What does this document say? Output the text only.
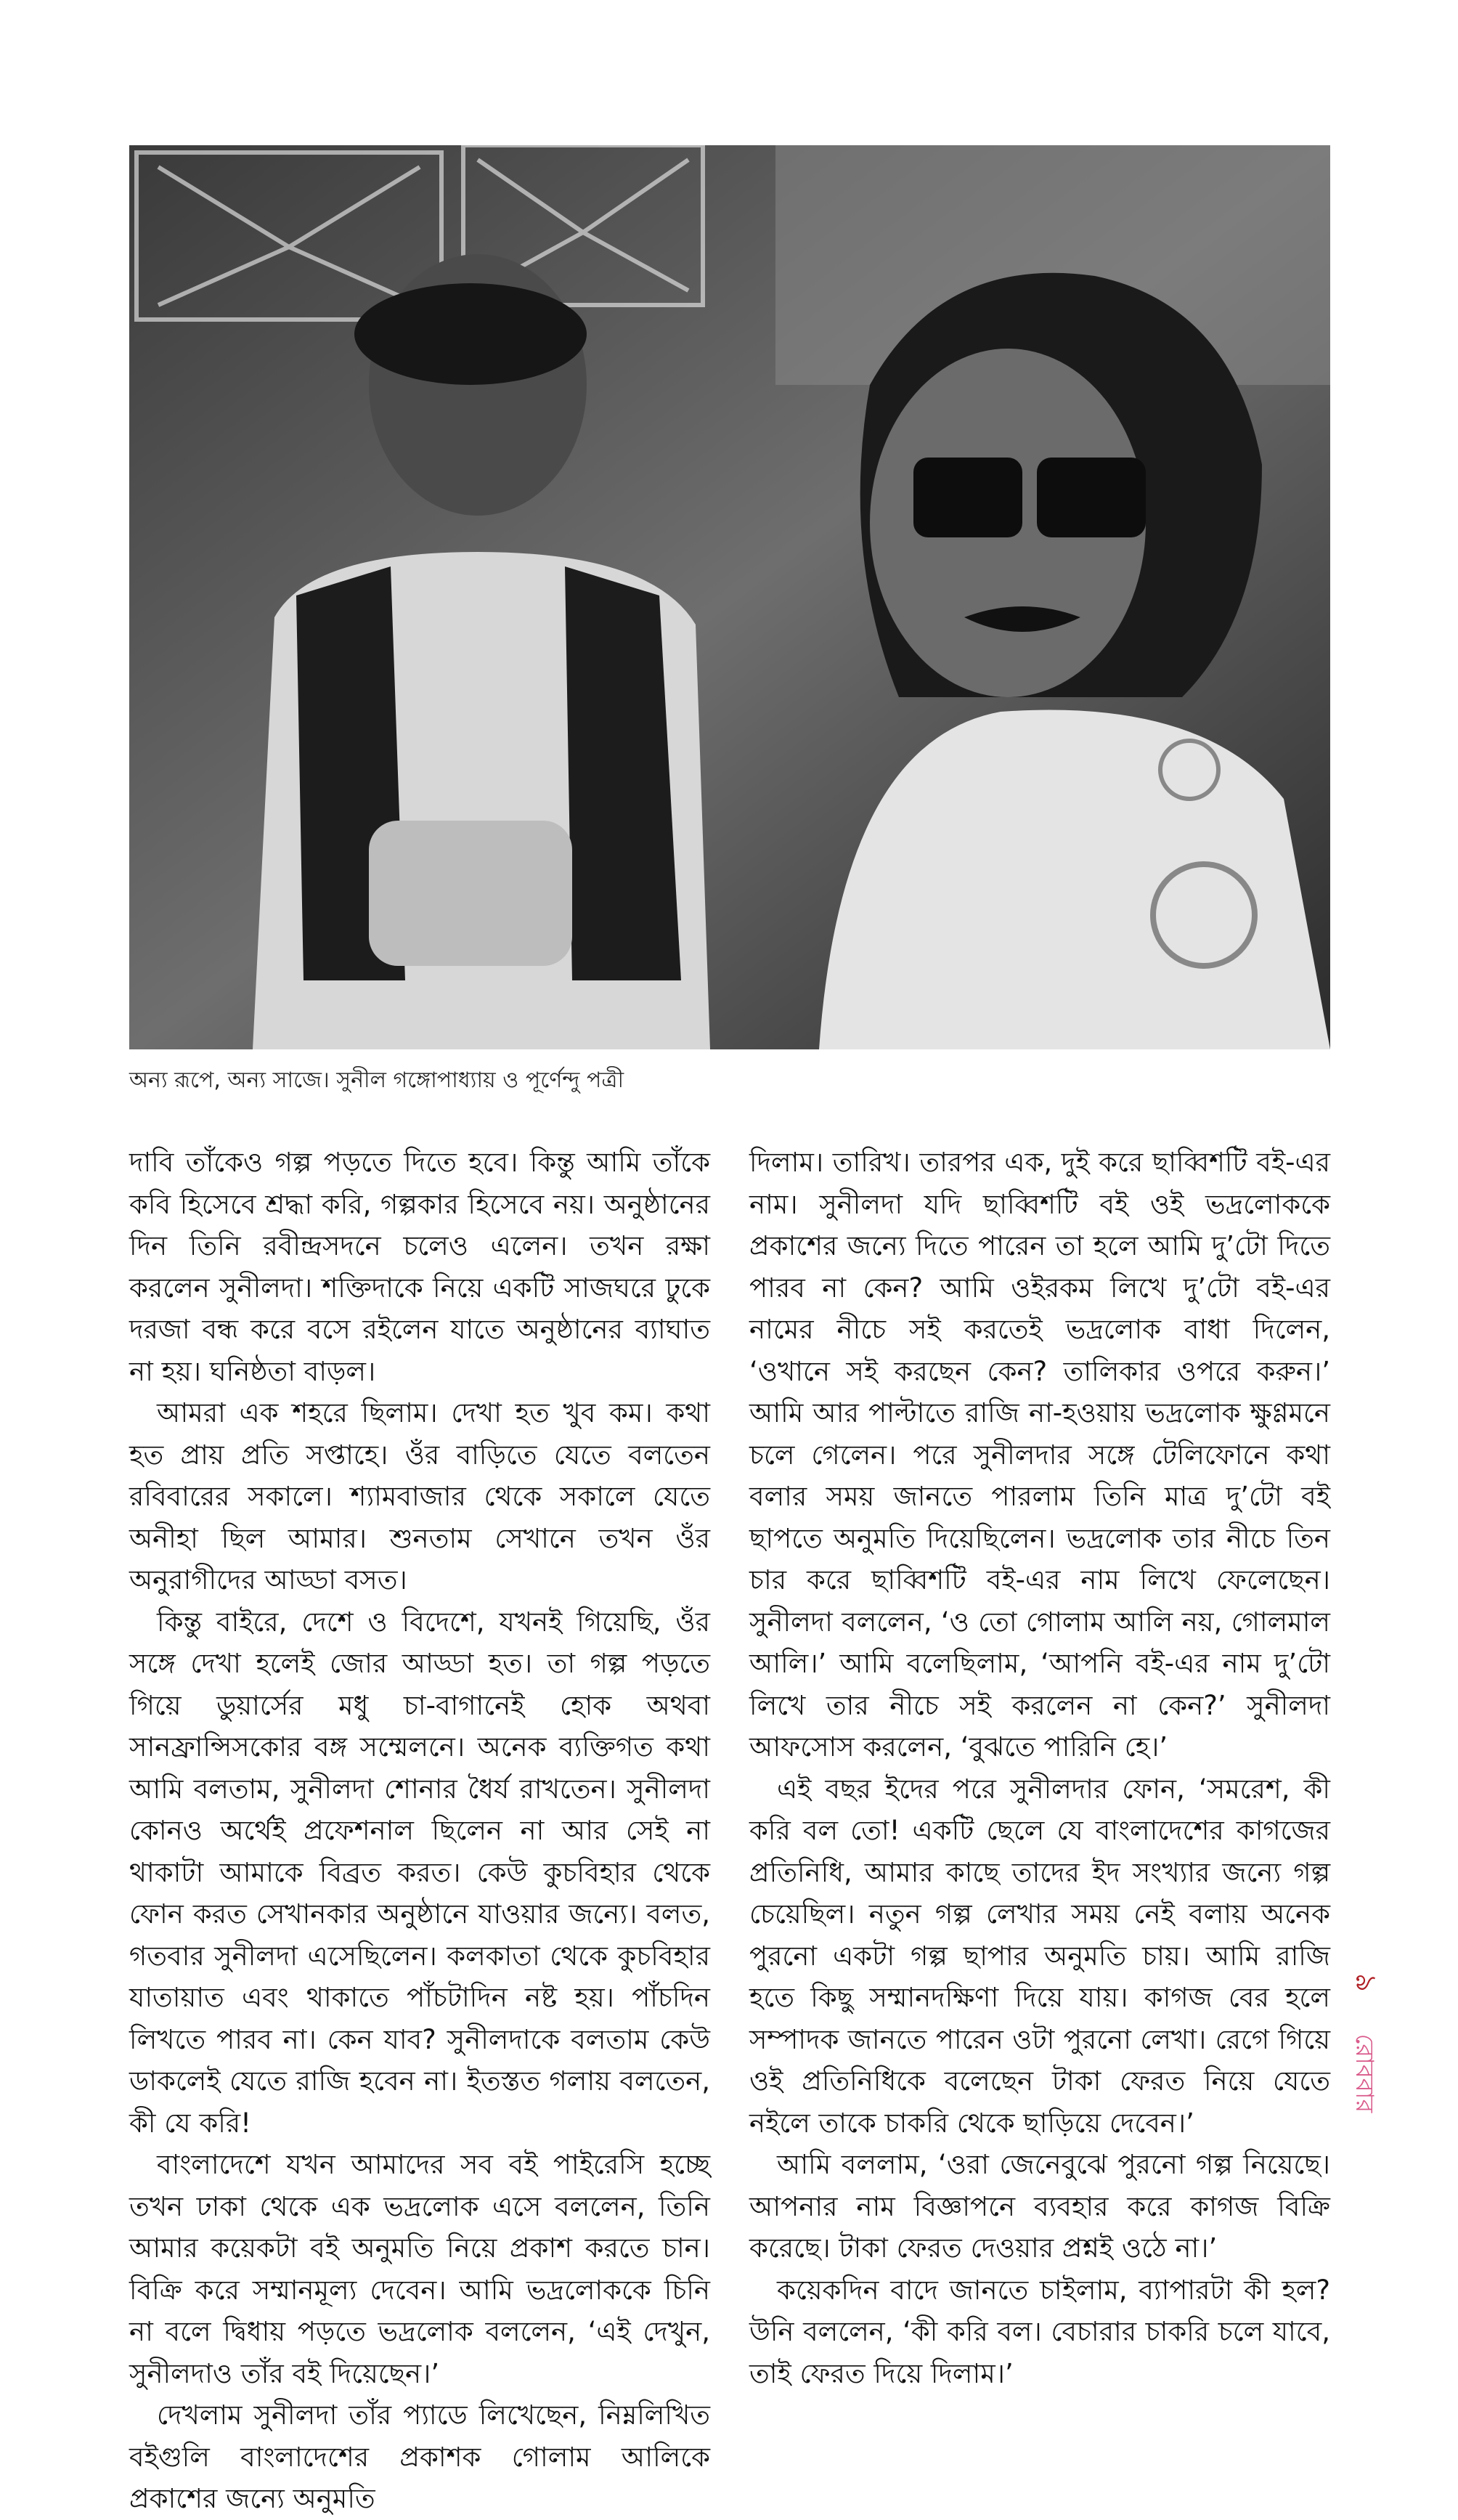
অন্য রূপে, অন্য সাজে। সুনীল গঙ্গোপাধ্যায় ও পূর্ণেন্দু পত্রী

দাবি তাঁকেও গল্প পড়তে দিতে হবে। কিন্তু আমি তাঁকে কবি হিসেবে শ্রদ্ধা করি, গল্পকার হিসেবে নয়। অনুষ্ঠানের দিন তিনি রবীন্দ্রসদনে চলেও এলেন। তখন রক্ষা করলেন সুনীলদা। শক্তিদাকে নিয়ে একটি সাজঘরে ঢুকে দরজা বন্ধ করে বসে রইলেন যাতে অনুষ্ঠানের ব্যাঘাত না হয়। ঘনিষ্ঠতা বাড়ল।

আমরা এক শহরে ছিলাম। দেখা হত খুব কম। কথা হত প্রায় প্রতি সপ্তাহে। ওঁর বাড়িতে যেতে বলতেন রবিবারের সকালে। শ্যামবাজার থেকে সকালে যেতে অনীহা ছিল আমার। শুনতাম সেখানে তখন ওঁর অনুরাগীদের আড্ডা বসত।

কিন্তু বাইরে, দেশে ও বিদেশে, যখনই গিয়েছি, ওঁর সঙ্গে দেখা হলেই জোর আড্ডা হত। তা গল্প পড়তে গিয়ে ডুয়ার্সের মধু চা-বাগানেই হোক অথবা সানফ্রান্সিসকোর বঙ্গ সম্মেলনে। অনেক ব্যক্তিগত কথা আমি বলতাম, সুনীলদা শোনার ধৈর্য রাখতেন। সুনীলদা কোনও অর্থেই প্রফেশনাল ছিলেন না আর সেই না থাকাটা আমাকে বিব্রত করত। কেউ কুচবিহার থেকে ফোন করত সেখানকার অনুষ্ঠানে যাওয়ার জন্যে। বলত, গতবার সুনীলদা এসেছিলেন। কলকাতা থেকে কুচবিহার যাতায়াত এবং থাকাতে পাঁচটাদিন নষ্ট হয়। পাঁচদিন লিখতে পারব না। কেন যাব? সুনীলদাকে বলতাম কেউ ডাকলেই যেতে রাজি হবেন না। ইতস্তত গলায় বলতেন, কী যে করি!

বাংলাদেশে যখন আমাদের সব বই পাইরেসি হচ্ছে তখন ঢাকা থেকে এক ভদ্রলোক এসে বললেন, তিনি আমার কয়েকটা বই অনুমতি নিয়ে প্রকাশ করতে চান। বিক্রি করে সম্মানমূল্য দেবেন। আমি ভদ্রলোককে চিনি না বলে দ্বিধায় পড়তে ভদ্রলোক বললেন, ‘এই দেখুন, সুনীলদাও তাঁর বই দিয়েছেন।’

দেখলাম সুনীলদা তাঁর প্যাডে লিখেছেন, নিম্নলিখিত বইগুলি বাংলাদেশের প্রকাশক গোলাম আলিকে প্রকাশের জন্যে অনুমতি

দিলাম। তারিখ। তারপর এক, দুই করে ছাব্বিশটি বই-এর নাম। সুনীলদা যদি ছাব্বিশটি বই ওই ভদ্রলোককে প্রকাশের জন্যে দিতে পারেন তা হলে আমি দু’টো দিতে পারব না কেন? আমি ওইরকম লিখে দু’টো বই-এর নামের নীচে সই করতেই ভদ্রলোক বাধা দিলেন, ‘ওখানে সই করছেন কেন? তালিকার ওপরে করুন।’ আমি আর পাল্টাতে রাজি না-হওয়ায় ভদ্রলোক ক্ষুণ্ণমনে চলে গেলেন। পরে সুনীলদার সঙ্গে টেলিফোনে কথা বলার সময় জানতে পারলাম তিনি মাত্র দু’টো বই ছাপতে অনুমতি দিয়েছিলেন। ভদ্রলোক তার নীচে তিন চার করে ছাব্বিশটি বই-এর নাম লিখে ফেলেছেন। সুনীলদা বললেন, ‘ও তো গোলাম আলি নয়, গোলমাল আলি।’ আমি বলেছিলাম, ‘আপনি বই-এর নাম দু’টো লিখে তার নীচে সই করলেন না কেন?’ সুনীলদা আফসোস করলেন, ‘বুঝতে পারিনি হে।’

এই বছর ইদের পরে সুনীলদার ফোন, ‘সমরেশ, কী করি বল তো! একটি ছেলে যে বাংলাদেশের কাগজের প্রতিনিধি, আমার কাছে তাদের ইদ সংখ্যার জন্যে গল্প চেয়েছিল। নতুন গল্প লেখার সময় নেই বলায় অনেক পুরনো একটা গল্প ছাপার অনুমতি চায়। আমি রাজি হতে কিছু সম্মানদক্ষিণা দিয়ে যায়। কাগজ বের হলে সম্পাদক জানতে পারেন ওটা পুরনো লেখা। রেগে গিয়ে ওই প্রতিনিধিকে বলেছেন টাকা ফেরত নিয়ে যেতে নইলে তাকে চাকরি থেকে ছাড়িয়ে দেবেন।’

আমি বললাম, ‘ওরা জেনেবুঝে পুরনো গল্প নিয়েছে। আপনার নাম বিজ্ঞাপনে ব্যবহার করে কাগজ বিক্রি করেছে। টাকা ফেরত দেওয়ার প্রশ্নই ওঠে না।’

কয়েকদিন বাদে জানতে চাইলাম, ব্যাপারটা কী হল? উনি বললেন, ‘কী করি বল। বেচারার চাকরি চলে যাবে, তাই ফেরত দিয়ে দিলাম।’

৯
রোববার
